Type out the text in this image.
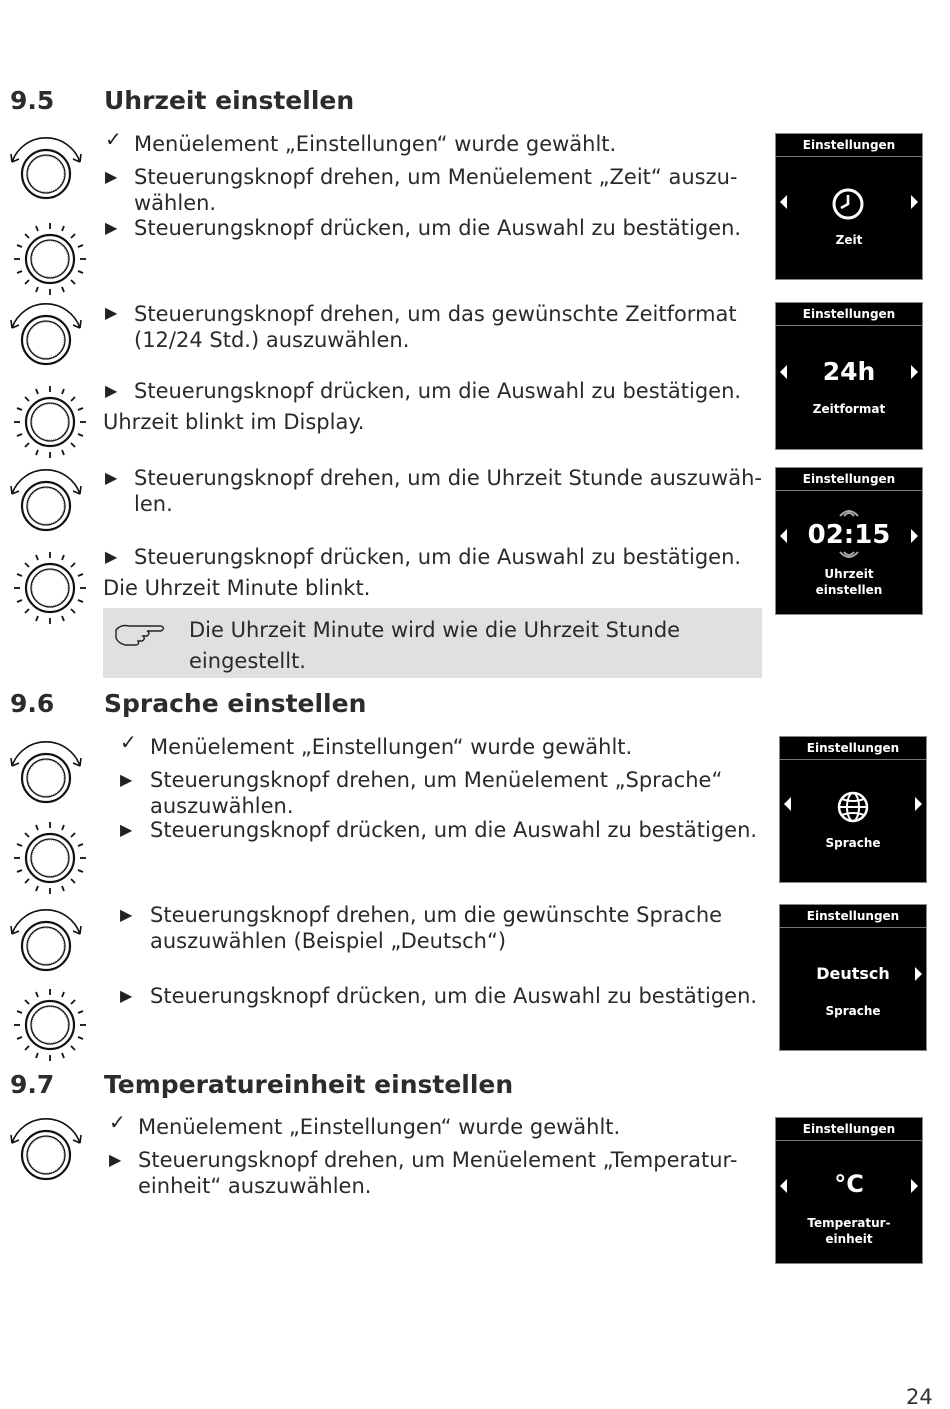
9.5 Uhrzeit einstellen
✓ Menüelement „Einstellungen“ wurde gewählt.
▶ Steuerungsknopf drehen, um Menüelement „Zeit“ auszu-
wählen.
▶ Steuerungsknopf drücken, um die Auswahl zu bestätigen.
▶ Steuerungsknopf drehen, um das gewünschte Zeitformat
(12/24 Std.) auszuwählen.
▶ Steuerungsknopf drücken, um die Auswahl zu bestätigen.
Uhrzeit blinkt im Display.
▶ Steuerungsknopf drehen, um die Uhrzeit Stunde auszuwäh-
len.
▶ Steuerungsknopf drücken, um die Auswahl zu bestätigen.
Die Uhrzeit Minute blinkt.
Die Uhrzeit Minute wird wie die Uhrzeit Stunde
eingestellt.
Einstellungen
Zeit
Einstellungen
24h
Zeitformat
Einstellungen
02:15
Uhrzeit
einstellen
9.6 Sprache einstellen
✓ Menüelement „Einstellungen“ wurde gewählt.
▶ Steuerungsknopf drehen, um Menüelement „Sprache“
auszuwählen.
▶ Steuerungsknopf drücken, um die Auswahl zu bestätigen.
▶ Steuerungsknopf drehen, um die gewünschte Sprache
auszuwählen (Beispiel „Deutsch“)
▶ Steuerungsknopf drücken, um die Auswahl zu bestätigen.
Einstellungen
Sprache
Einstellungen
Deutsch
Sprache
9.7 Temperatureinheit einstellen
✓ Menüelement „Einstellungen“ wurde gewählt.
▶ Steuerungsknopf drehen, um Menüelement „Temperatur-
einheit“ auszuwählen.
Einstellungen
°C
Temperatur-
einheit
24
